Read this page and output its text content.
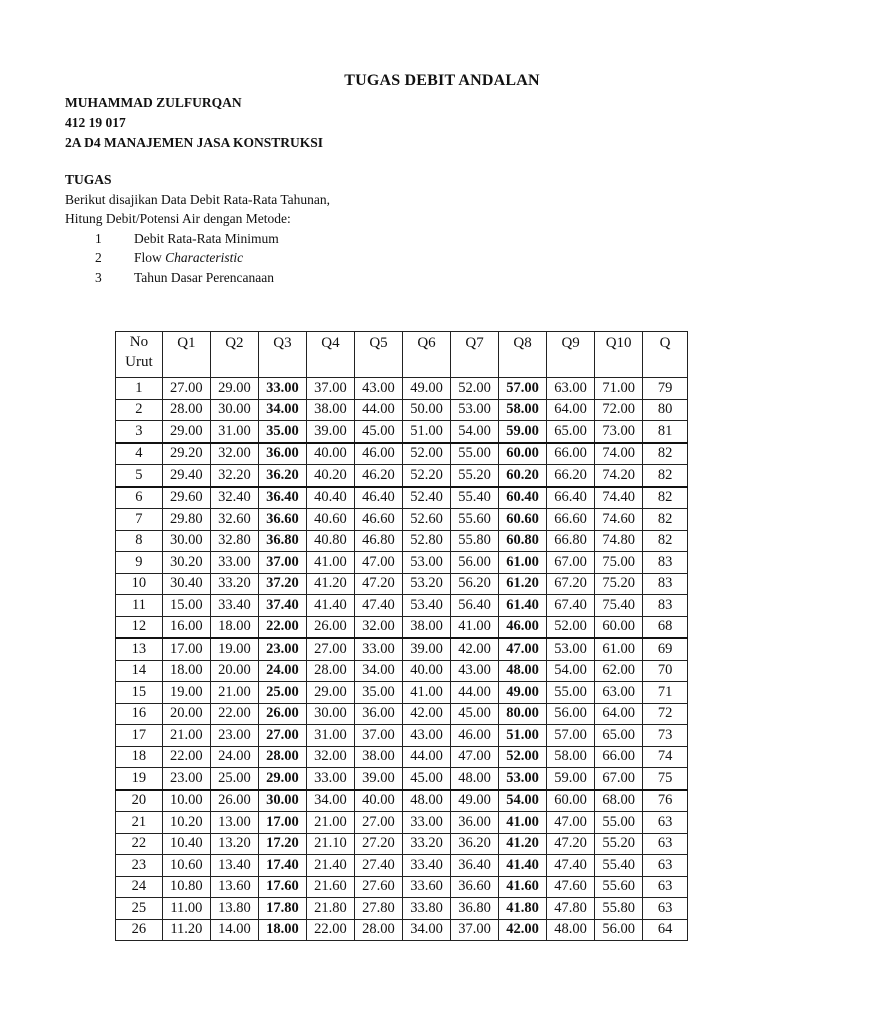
TUGAS DEBIT ANDALAN
MUHAMMAD ZULFURQAN
412 19 017
2A D4 MANAJEMEN JASA KONSTRUKSI
TUGAS
Berikut disajikan Data Debit Rata-Rata Tahunan,
Hitung Debit/Potensi Air dengan Metode:
1	Debit Rata-Rata Minimum
2	Flow Characteristic
3	Tahun Dasar Perencanaan
No Urut	Q1	Q2	Q3	Q4	Q5	Q6	Q7	Q8	Q9	Q10	Q
1	27.00	29.00	33.00	37.00	43.00	49.00	52.00	57.00	63.00	71.00	79
2	28.00	30.00	34.00	38.00	44.00	50.00	53.00	58.00	64.00	72.00	80
3	29.00	31.00	35.00	39.00	45.00	51.00	54.00	59.00	65.00	73.00	81
4	29.20	32.00	36.00	40.00	46.00	52.00	55.00	60.00	66.00	74.00	82
5	29.40	32.20	36.20	40.20	46.20	52.20	55.20	60.20	66.20	74.20	82
6	29.60	32.40	36.40	40.40	46.40	52.40	55.40	60.40	66.40	74.40	82
7	29.80	32.60	36.60	40.60	46.60	52.60	55.60	60.60	66.60	74.60	82
8	30.00	32.80	36.80	40.80	46.80	52.80	55.80	60.80	66.80	74.80	82
9	30.20	33.00	37.00	41.00	47.00	53.00	56.00	61.00	67.00	75.00	83
10	30.40	33.20	37.20	41.20	47.20	53.20	56.20	61.20	67.20	75.20	83
11	15.00	33.40	37.40	41.40	47.40	53.40	56.40	61.40	67.40	75.40	83
12	16.00	18.00	22.00	26.00	32.00	38.00	41.00	46.00	52.00	60.00	68
13	17.00	19.00	23.00	27.00	33.00	39.00	42.00	47.00	53.00	61.00	69
14	18.00	20.00	24.00	28.00	34.00	40.00	43.00	48.00	54.00	62.00	70
15	19.00	21.00	25.00	29.00	35.00	41.00	44.00	49.00	55.00	63.00	71
16	20.00	22.00	26.00	30.00	36.00	42.00	45.00	80.00	56.00	64.00	72
17	21.00	23.00	27.00	31.00	37.00	43.00	46.00	51.00	57.00	65.00	73
18	22.00	24.00	28.00	32.00	38.00	44.00	47.00	52.00	58.00	66.00	74
19	23.00	25.00	29.00	33.00	39.00	45.00	48.00	53.00	59.00	67.00	75
20	10.00	26.00	30.00	34.00	40.00	48.00	49.00	54.00	60.00	68.00	76
21	10.20	13.00	17.00	21.00	27.00	33.00	36.00	41.00	47.00	55.00	63
22	10.40	13.20	17.20	21.10	27.20	33.20	36.20	41.20	47.20	55.20	63
23	10.60	13.40	17.40	21.40	27.40	33.40	36.40	41.40	47.40	55.40	63
24	10.80	13.60	17.60	21.60	27.60	33.60	36.60	41.60	47.60	55.60	63
25	11.00	13.80	17.80	21.80	27.80	33.80	36.80	41.80	47.80	55.80	63
26	11.20	14.00	18.00	22.00	28.00	34.00	37.00	42.00	48.00	56.00	64
